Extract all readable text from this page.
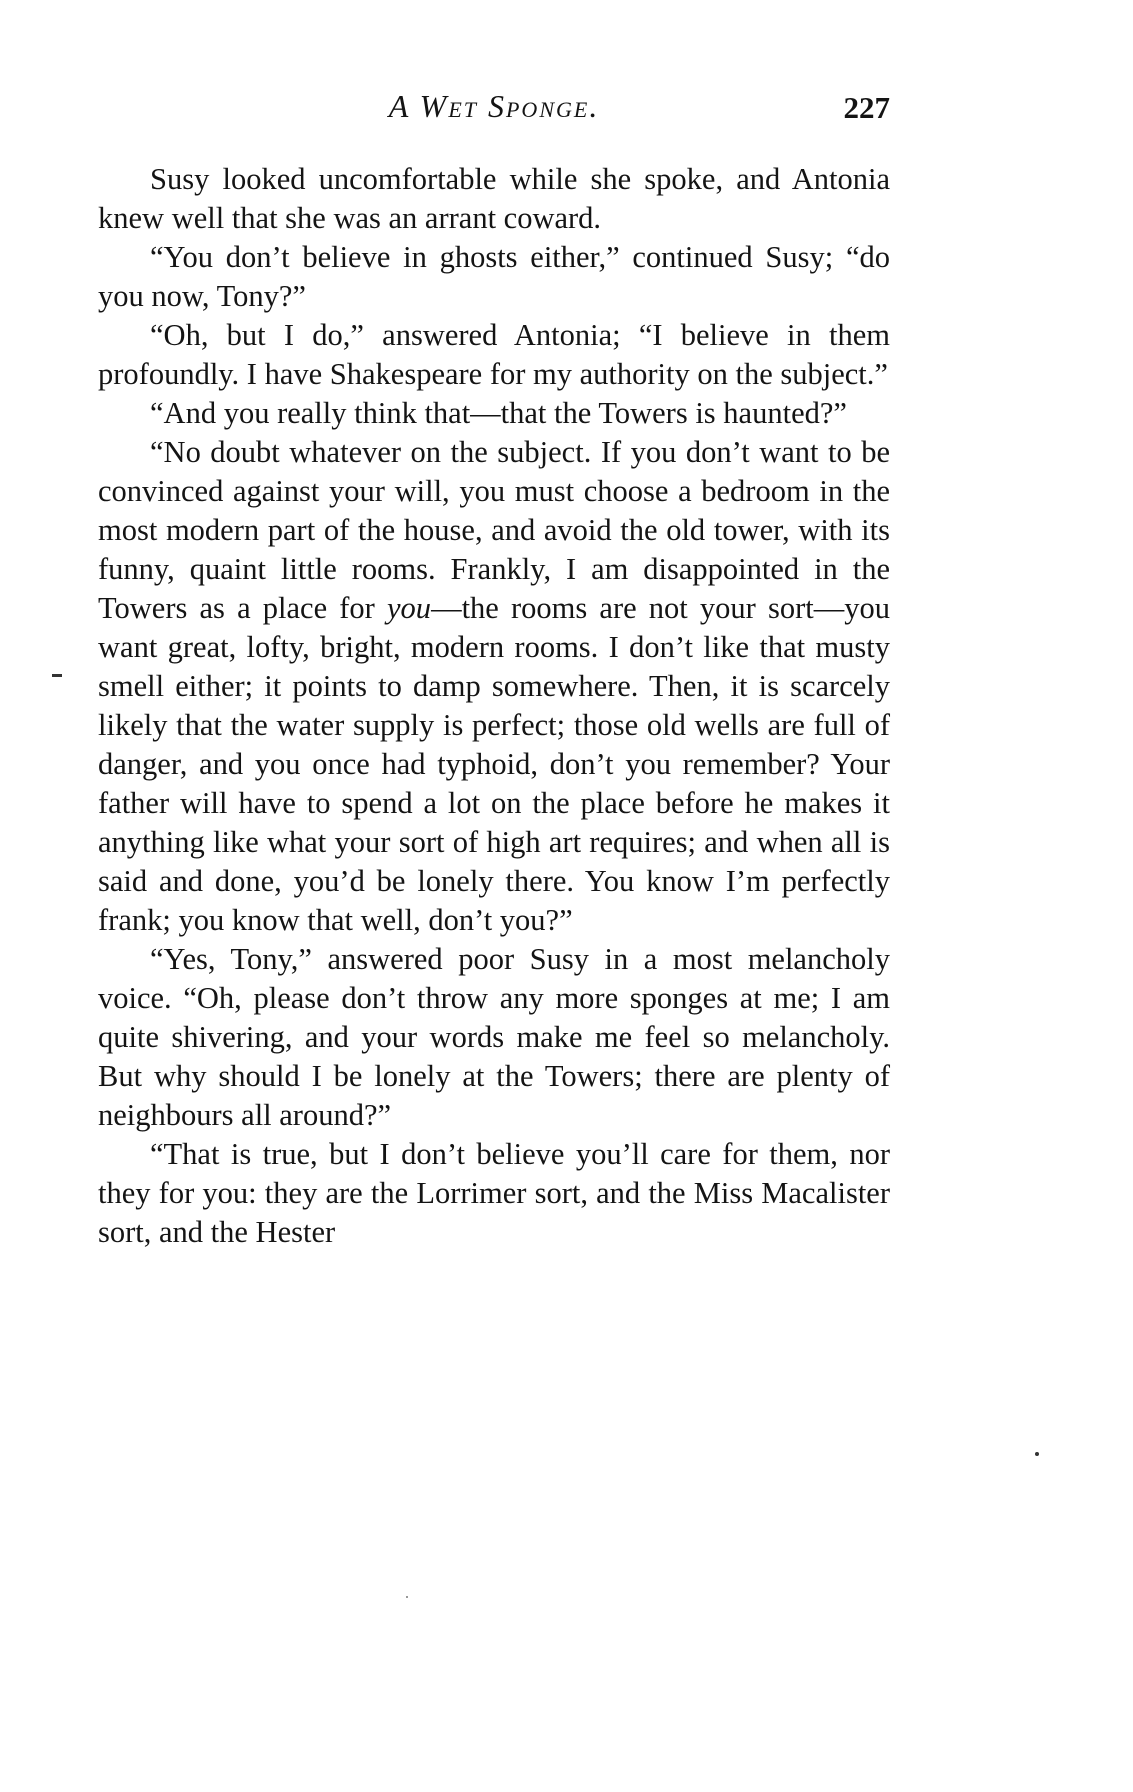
A Wet Sponge.	227

Susy looked uncomfortable while she spoke, and Antonia knew well that she was an arrant coward.

“You don’t believe in ghosts either,” continued Susy; “do you now, Tony?”

“Oh, but I do,” answered Antonia; “I believe in them profoundly. I have Shakespeare for my authority on the subject.”

“And you really think that—that the Towers is haunted?”

“No doubt whatever on the subject. If you don’t want to be convinced against your will, you must choose a bedroom in the most modern part of the house, and avoid the old tower, with its funny, quaint little rooms. Frankly, I am disappointed in the Towers as a place for you—the rooms are not your sort—you want great, lofty, bright, modern rooms. I don’t like that musty smell either; it points to damp somewhere. Then, it is scarcely likely that the water supply is perfect; those old wells are full of danger, and you once had typhoid, don’t you remember? Your father will have to spend a lot on the place before he makes it anything like what your sort of high art requires; and when all is said and done, you’d be lonely there. You know I’m perfectly frank; you know that well, don’t you?”

“Yes, Tony,” answered poor Susy in a most melancholy voice. “Oh, please don’t throw any more sponges at me; I am quite shivering, and your words make me feel so melancholy. But why should I be lonely at the Towers; there are plenty of neighbours all around?”

“That is true, but I don’t believe you’ll care for them, nor they for you: they are the Lorrimer sort, and the Miss Macalister sort, and the Hester
